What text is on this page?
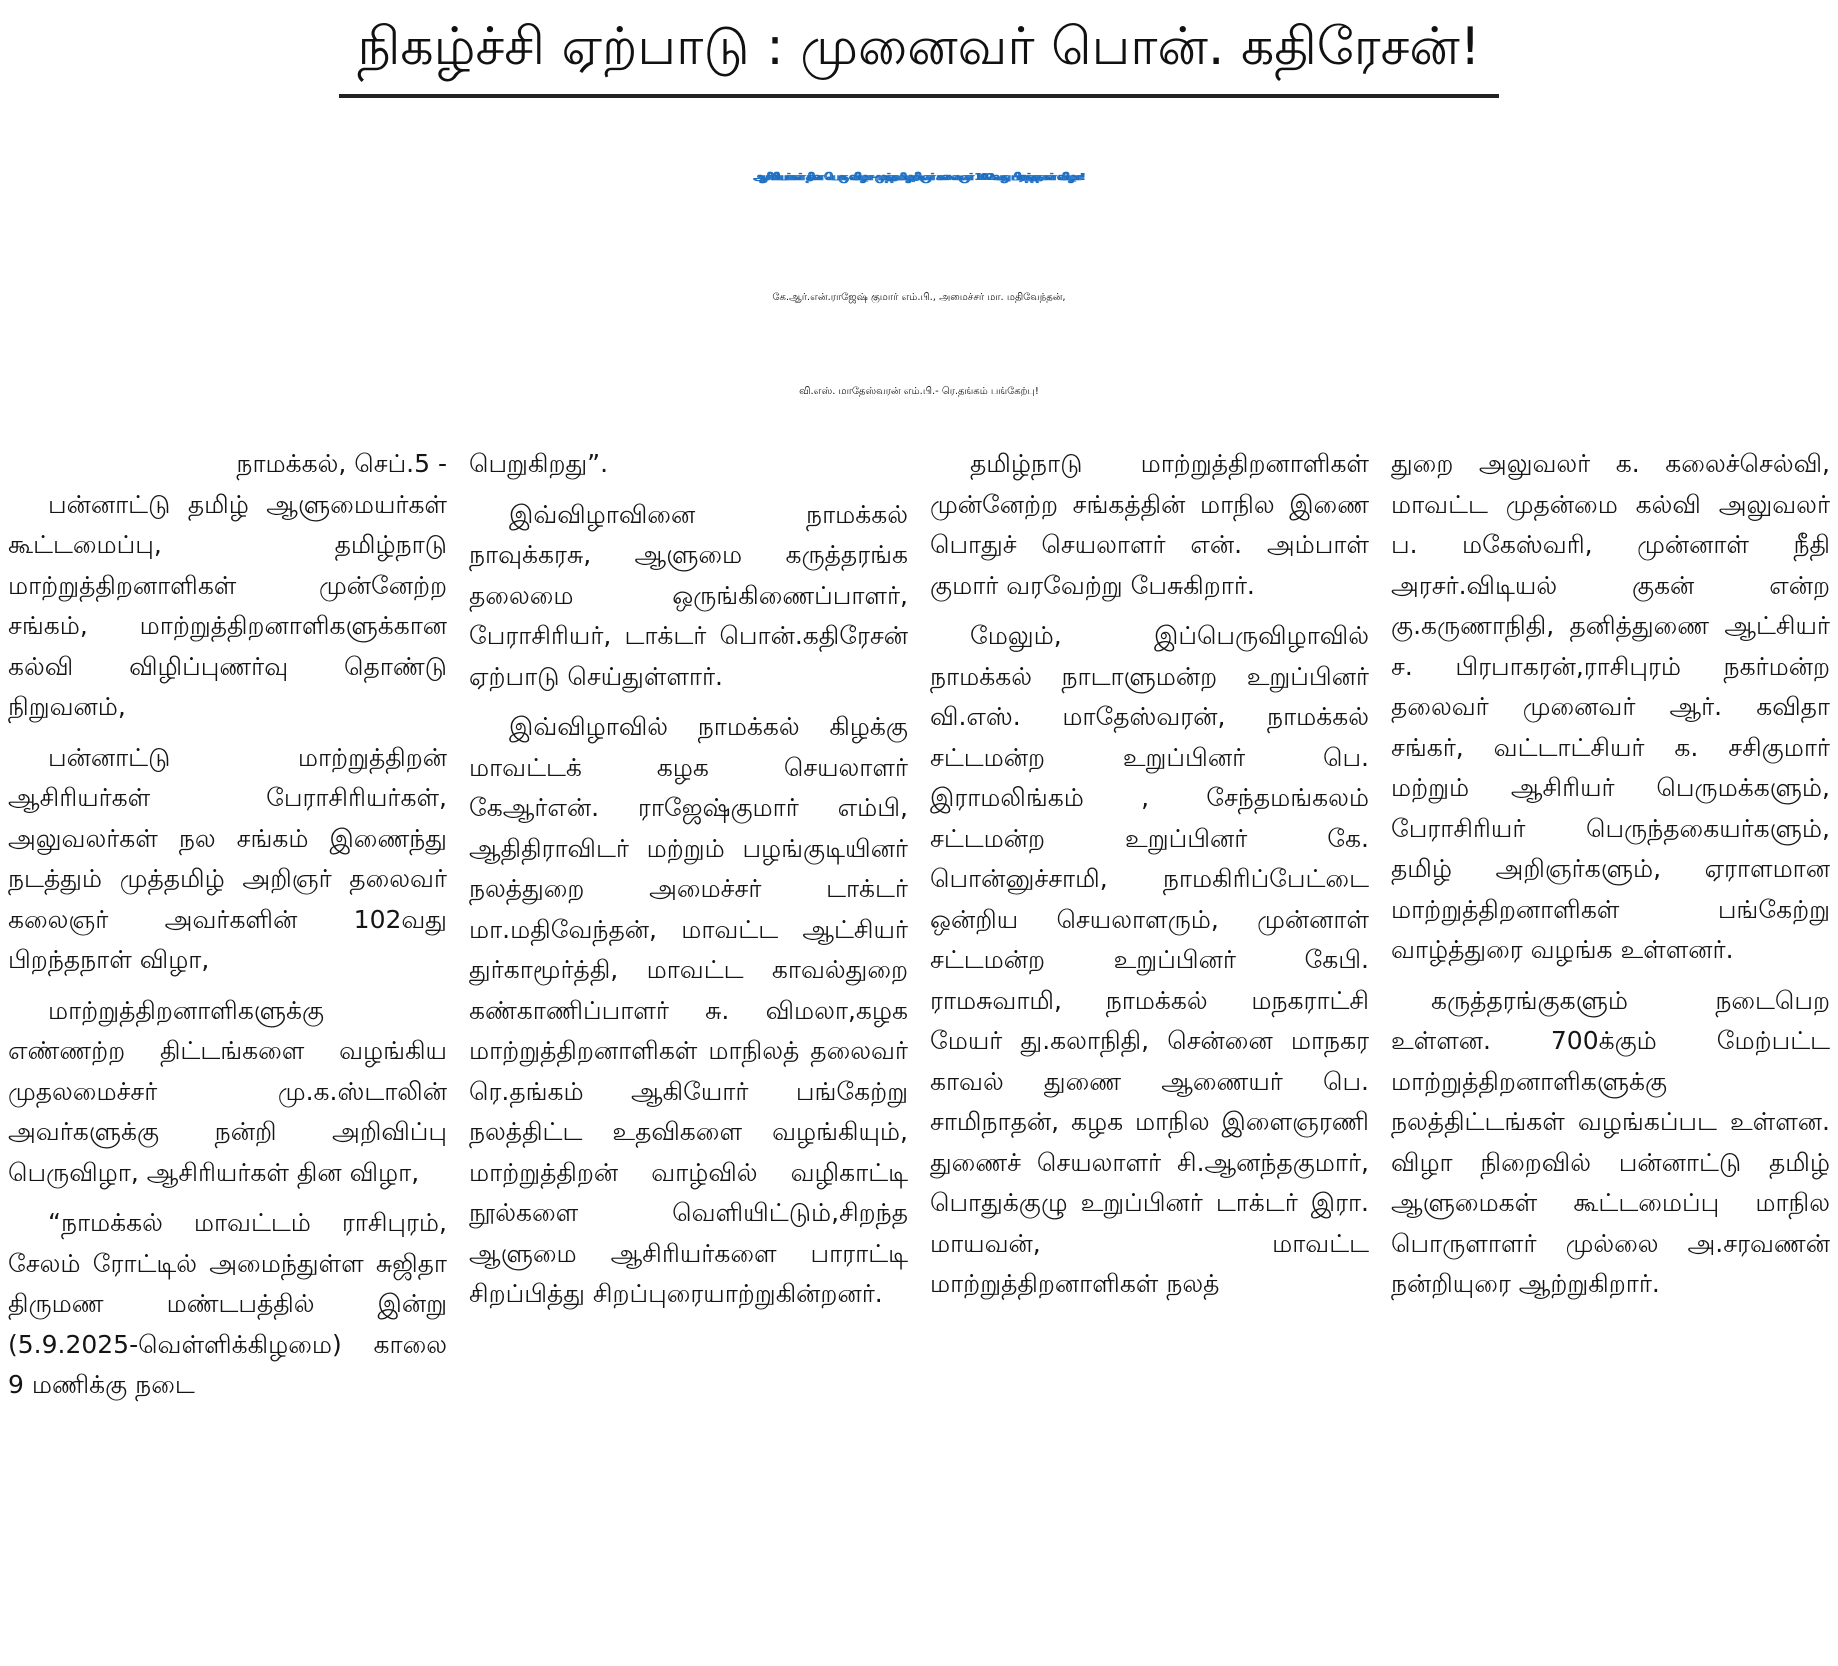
நிகழ்ச்சி ஏற்பாடு : முனைவர் பொன். கதிரேசன்!
ஆசிரியர்கள் தின பெரு விழா-முத்தமிழறிஞர் கலைஞர் 102வது பிறந்தநாள் விழா!
கே.ஆர்.என்.ராஜேஷ் குமார் எம்.பி., அமைச்சர் மா. மதிவேந்தன்,
வி.எஸ். மாதேஸ்வரன் எம்.பி.- ரெ.தங்கம் பங்கேற்பு!

நாமக்கல், செப்.5 -

பன்னாட்டு தமிழ் ஆளுமையர்கள் கூட்டமைப்பு, தமிழ்நாடு மாற்றுத்திறனாளிகள் முன்னேற்ற சங்கம், மாற்றுத்திறனாளிகளுக்கான கல்வி விழிப்புணர்வு தொண்டு நிறுவனம்,

பன்னாட்டு மாற்றுத்திறன் ஆசிரியர்கள் பேராசிரியர்கள், அலுவலர்கள் நல சங்கம் இணைந்து நடத்தும் முத்தமிழ் அறிஞர் தலைவர் கலைஞர் அவர்களின் 102வது பிறந்தநாள் விழா,

மாற்றுத்திறனாளிகளுக்கு எண்ணற்ற திட்டங்களை வழங்கிய முதலமைச்சர் மு.க.ஸ்டாலின் அவர்களுக்கு நன்றி அறிவிப்பு பெருவிழா, ஆசிரியர்கள் தின விழா,

“நாமக்கல் மாவட்டம் ராசிபுரம், சேலம் ரோட்டில் அமைந்துள்ள சுஜிதா திருமண மண்டபத்தில் இன்று (5.9.2025-வெள்ளிக்கிழமை) காலை 9 மணிக்கு நடை

பெறுகிறது”.

இவ்விழாவினை நாமக்கல் நாவுக்கரசு, ஆளுமை கருத்தரங்க தலைமை ஒருங்கிணைப்பாளர், பேராசிரியர், டாக்டர் பொன்.கதிரேசன் ஏற்பாடு செய்துள்ளார்.

இவ்விழாவில் நாமக்கல் கிழக்கு மாவட்டக் கழக செயலாளர் கேஆர்என். ராஜேஷ்குமார் எம்பி, ஆதிதிராவிடர் மற்றும் பழங்குடியினர் நலத்துறை அமைச்சர் டாக்டர் மா.மதிவேந்தன், மாவட்ட ஆட்சியர் துர்காமூர்த்தி, மாவட்ட காவல்துறை கண்காணிப்பாளர் சு. விமலா,கழக மாற்றுத்திறனாளிகள் மாநிலத் தலைவர் ரெ.தங்கம் ஆகியோர் பங்கேற்று நலத்திட்ட உதவிகளை வழங்கியும், மாற்றுத்திறன் வாழ்வில் வழிகாட்டி நூல்களை வெளியிட்டும்,சிறந்த ஆளுமை ஆசிரியர்களை பாராட்டி சிறப்பித்து சிறப்புரையாற்றுகின்றனர்.

தமிழ்நாடு மாற்றுத்திறனாளிகள் முன்னேற்ற சங்கத்தின் மாநில இணை பொதுச் செயலாளர் என். அம்பாள் குமார் வரவேற்று பேசுகிறார்.

மேலும், இப்பெருவிழாவில் நாமக்கல் நாடாளுமன்ற உறுப்பினர் வி.எஸ். மாதேஸ்வரன், நாமக்கல் சட்டமன்ற உறுப்பினர் பெ. இராமலிங்கம் , சேந்தமங்கலம் சட்டமன்ற உறுப்பினர் கே. பொன்னுச்சாமி, நாமகிரிப்பேட்டை ஒன்றிய செயலாளரும், முன்னாள் சட்டமன்ற உறுப்பினர் கேபி. ராமசுவாமி, நாமக்கல் மநகராட்சி மேயர் து.கலாநிதி, சென்னை மாநகர காவல் துணை ஆணையர் பெ. சாமிநாதன், கழக மாநில இளைஞரணி துணைச் செயலாளர் சி.ஆனந்தகுமார், பொதுக்குழு உறுப்பினர் டாக்டர் இரா. மாயவன், மாவட்ட மாற்றுத்திறனாளிகள் நலத்

துறை அலுவலர் க. கலைச்செல்வி, மாவட்ட முதன்மை கல்வி அலுவலர் ப. மகேஸ்வரி, முன்னாள் நீதி அரசர்.விடியல் குகன் என்ற கு.கருணாநிதி, தனித்துணை ஆட்சியர் ச. பிரபாகரன்,ராசிபுரம் நகர்மன்ற தலைவர் முனைவர் ஆர். கவிதா சங்கர், வட்டாட்சியர் க. சசிகுமார் மற்றும் ஆசிரியர் பெருமக்களும், பேராசிரியர் பெருந்தகையர்களும், தமிழ் அறிஞர்களும், ஏராளமான மாற்றுத்திறனாளிகள் பங்கேற்று வாழ்த்துரை வழங்க உள்ளனர்.

கருத்தரங்குகளும் நடைபெற உள்ளன. 700க்கும் மேற்பட்ட மாற்றுத்திறனாளிகளுக்கு நலத்திட்டங்கள் வழங்கப்பட உள்ளன. விழா நிறைவில் பன்னாட்டு தமிழ் ஆளுமைகள் கூட்டமைப்பு மாநில பொருளாளர் முல்லை அ.சரவணன் நன்றியுரை ஆற்றுகிறார்.
